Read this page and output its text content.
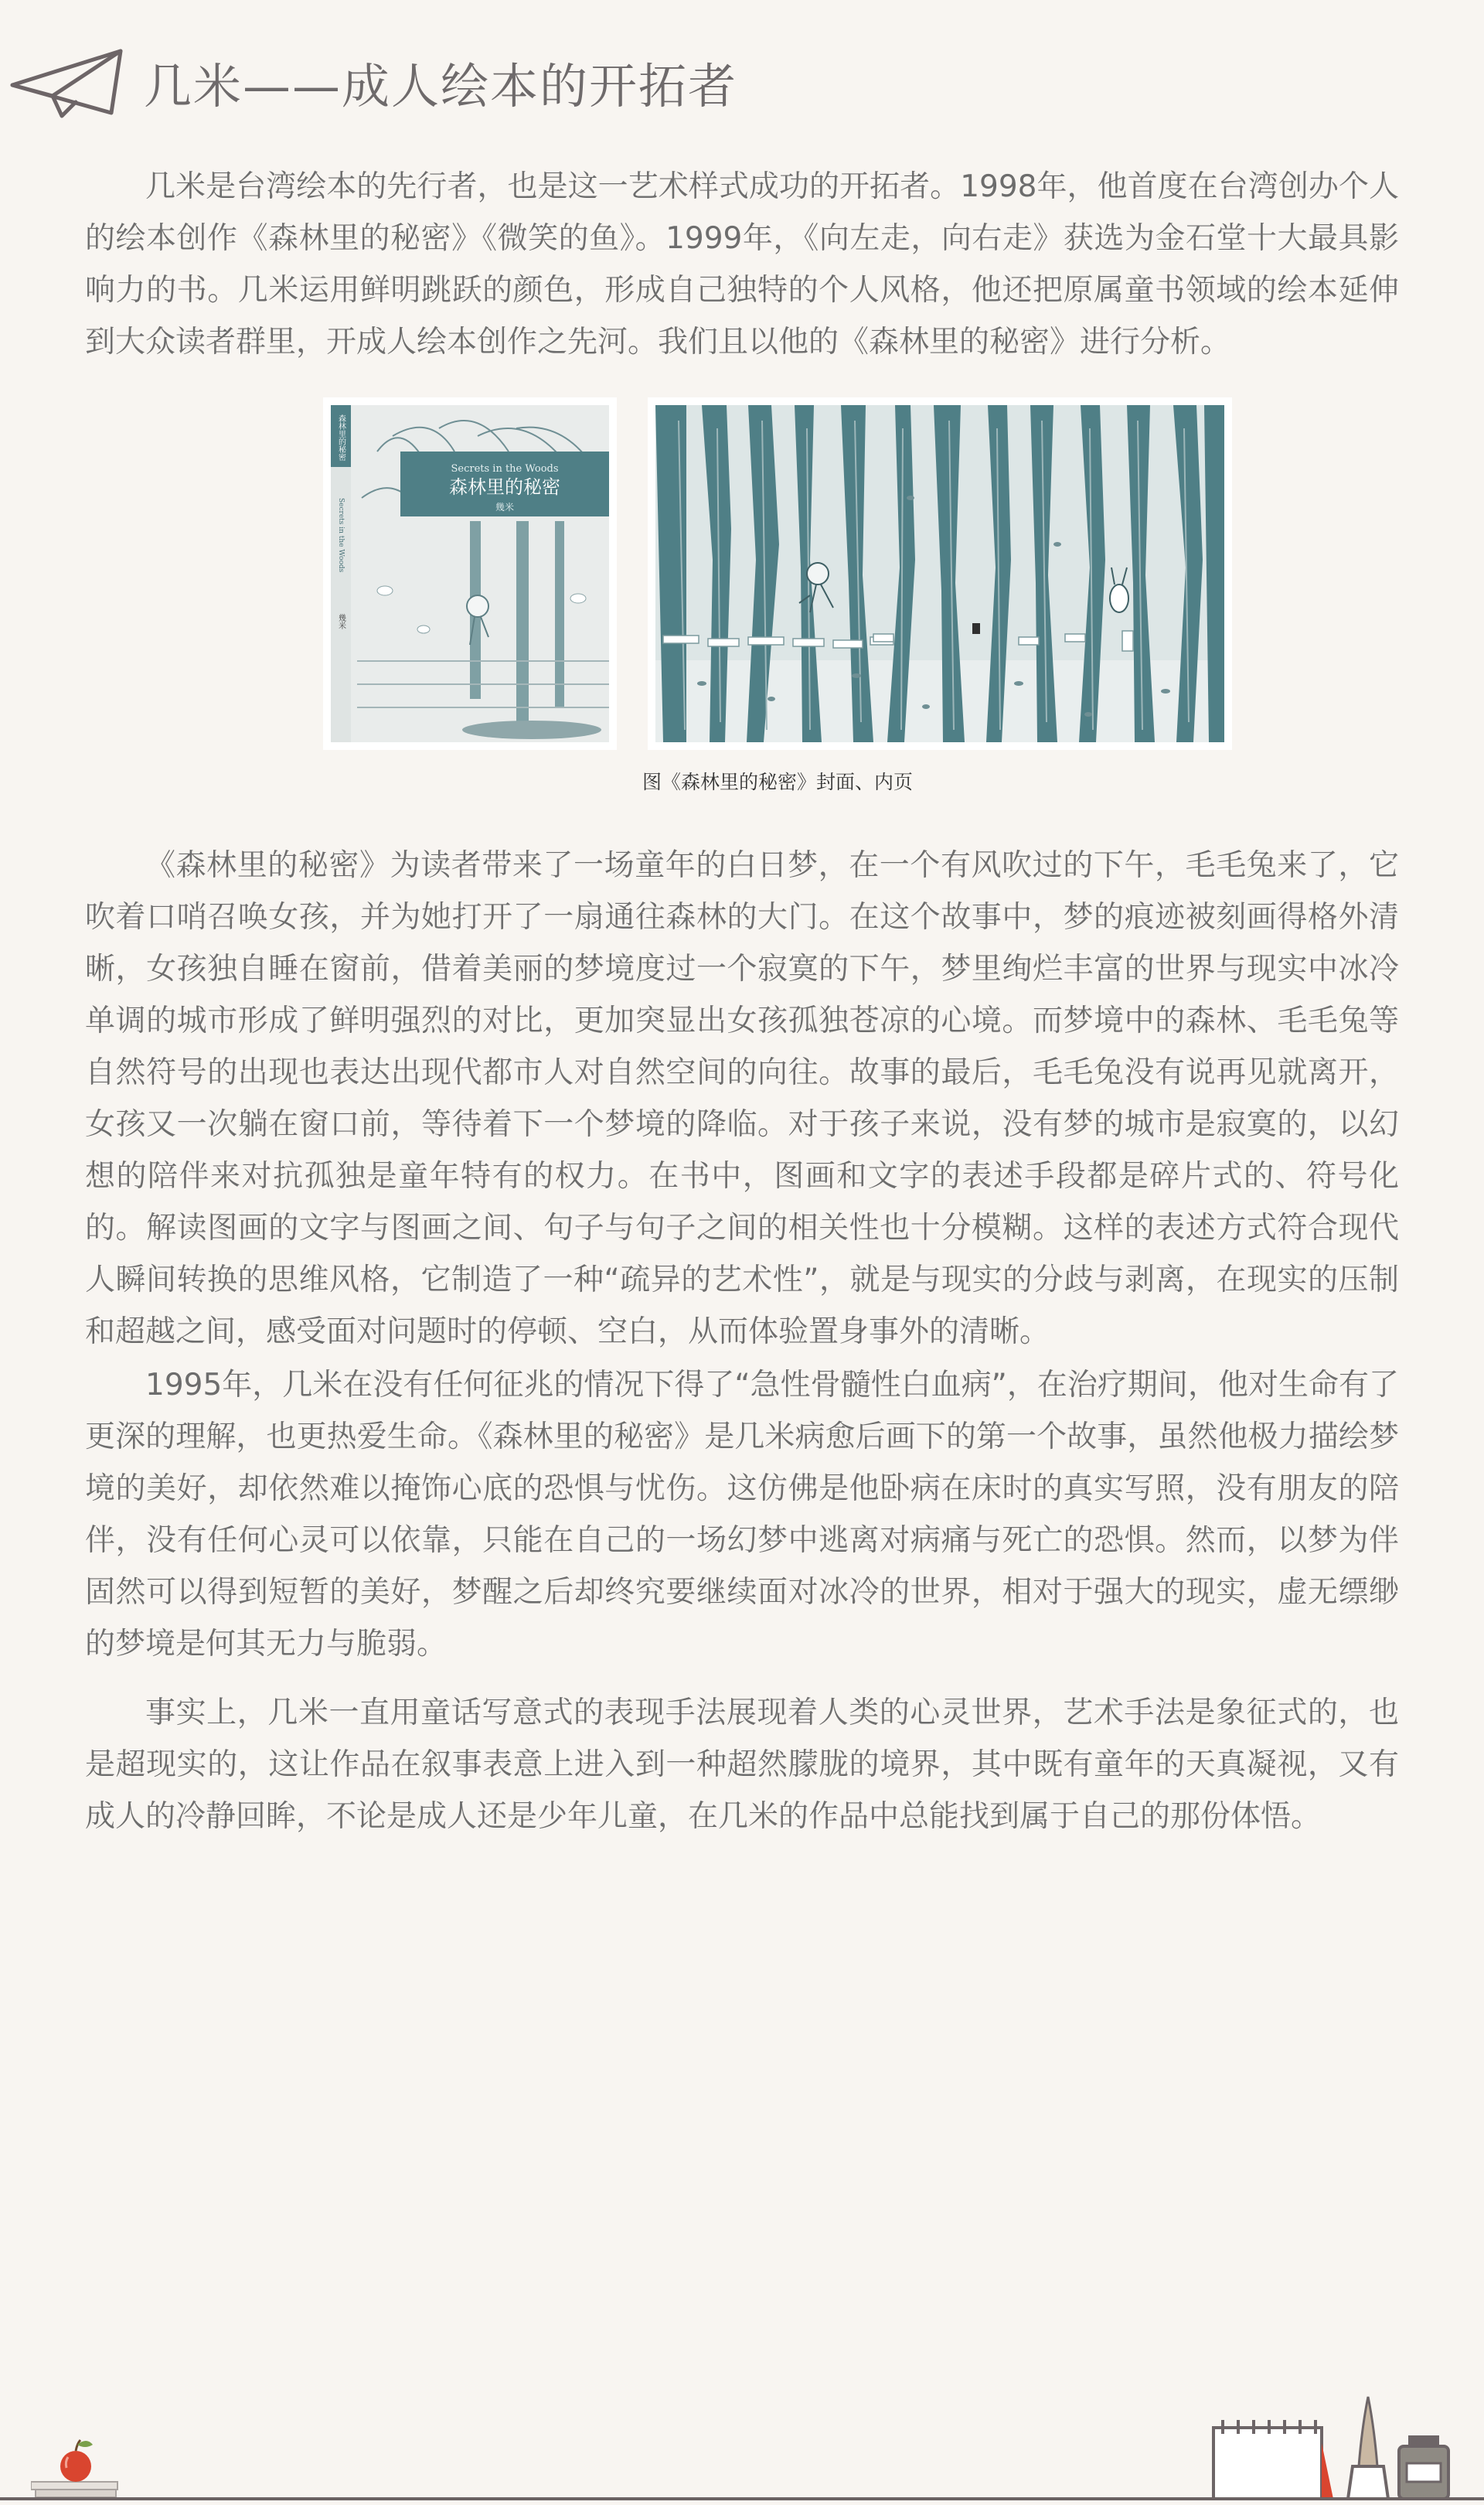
几米——成人绘本的开拓者

几米是台湾绘本的先行者，也是这一艺术样式成功的开拓者。1998年，他首度在台湾创办个人的绘本创作《森林里的秘密》《微笑的鱼》。1999年，《向左走，向右走》获选为金石堂十大最具影响力的书。几米运用鲜明跳跃的颜色，形成自己独特的个人风格，他还把原属童书领域的绘本延伸到大众读者群里，开成人绘本创作之先河。我们且以他的《森林里的秘密》进行分析。

森林里的秘密
Secrets in the Woods
幾米
Secrets in the Woods
森林里的秘密
幾米
图《森林里的秘密》封面、内页

《森林里的秘密》为读者带来了一场童年的白日梦，在一个有风吹过的下午，毛毛兔来了，它吹着口哨召唤女孩，并为她打开了一扇通往森林的大门。在这个故事中，梦的痕迹被刻画得格外清晰，女孩独自睡在窗前，借着美丽的梦境度过一个寂寞的下午，梦里绚烂丰富的世界与现实中冰冷单调的城市形成了鲜明强烈的对比，更加突显出女孩孤独苍凉的心境。而梦境中的森林、毛毛兔等自然符号的出现也表达出现代都市人对自然空间的向往。故事的最后，毛毛兔没有说再见就离开，女孩又一次躺在窗口前，等待着下一个梦境的降临。对于孩子来说，没有梦的城市是寂寞的，以幻想的陪伴来对抗孤独是童年特有的权力。在书中，图画和文字的表述手段都是碎片式的、符号化的。解读图画的文字与图画之间、句子与句子之间的相关性也十分模糊。这样的表述方式符合现代人瞬间转换的思维风格，它制造了一种“疏异的艺术性”，就是与现实的分歧与剥离，在现实的压制和超越之间，感受面对问题时的停顿、空白，从而体验置身事外的清晰。

1995年，几米在没有任何征兆的情况下得了“急性骨髓性白血病”，在治疗期间，他对生命有了更深的理解，也更热爱生命。《森林里的秘密》是几米病愈后画下的第一个故事，虽然他极力描绘梦境的美好，却依然难以掩饰心底的恐惧与忧伤。这仿佛是他卧病在床时的真实写照，没有朋友的陪伴，没有任何心灵可以依靠，只能在自己的一场幻梦中逃离对病痛与死亡的恐惧。然而，以梦为伴固然可以得到短暂的美好，梦醒之后却终究要继续面对冰冷的世界，相对于强大的现实，虚无缥缈的梦境是何其无力与脆弱。

事实上，几米一直用童话写意式的表现手法展现着人类的心灵世界，艺术手法是象征式的，也是超现实的，这让作品在叙事表意上进入到一种超然朦胧的境界，其中既有童年的天真凝视，又有成人的冷静回眸，不论是成人还是少年儿童，在几米的作品中总能找到属于自己的那份体悟。
